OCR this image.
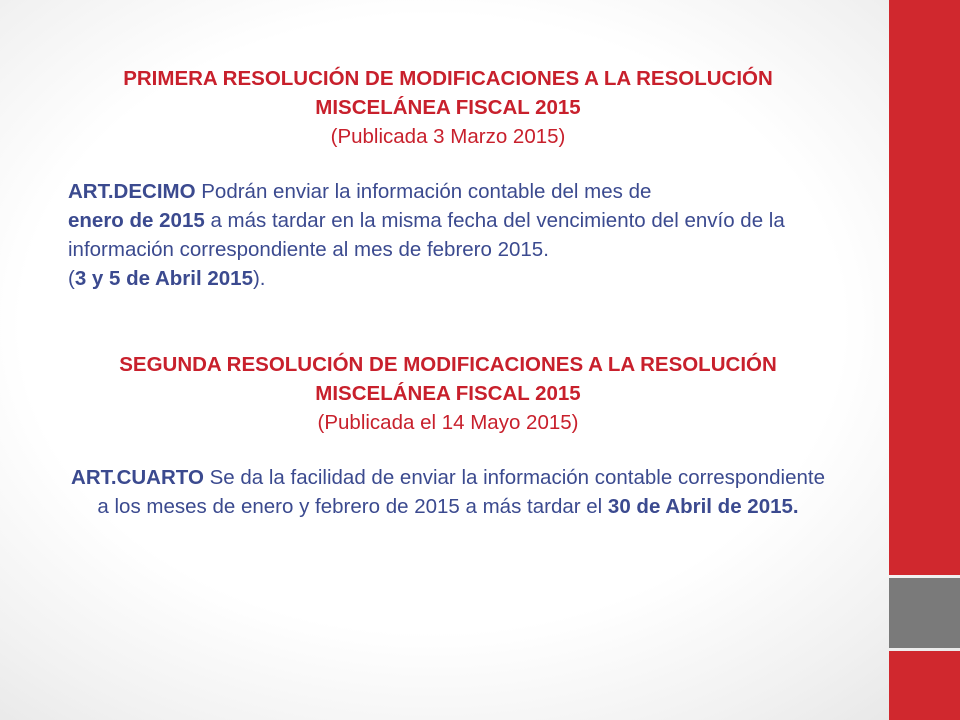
PRIMERA RESOLUCIÓN DE MODIFICACIONES A LA RESOLUCIÓN
MISCELÁNEA FISCAL 2015

(Publicada 3 Marzo 2015)

ART.DECIMO Podrán enviar la información contable del mes de
enero de 2015 a más tardar en la misma fecha del vencimiento del envío de la información correspondiente al mes de febrero 2015.
(3 y 5 de Abril 2015).

SEGUNDA RESOLUCIÓN DE MODIFICACIONES A LA RESOLUCIÓN
MISCELÁNEA FISCAL 2015

(Publicada el 14 Mayo 2015)

ART.CUARTO Se da la facilidad de enviar la información contable correspondiente a los meses de enero y febrero de 2015 a más tardar el 30 de Abril de 2015.
